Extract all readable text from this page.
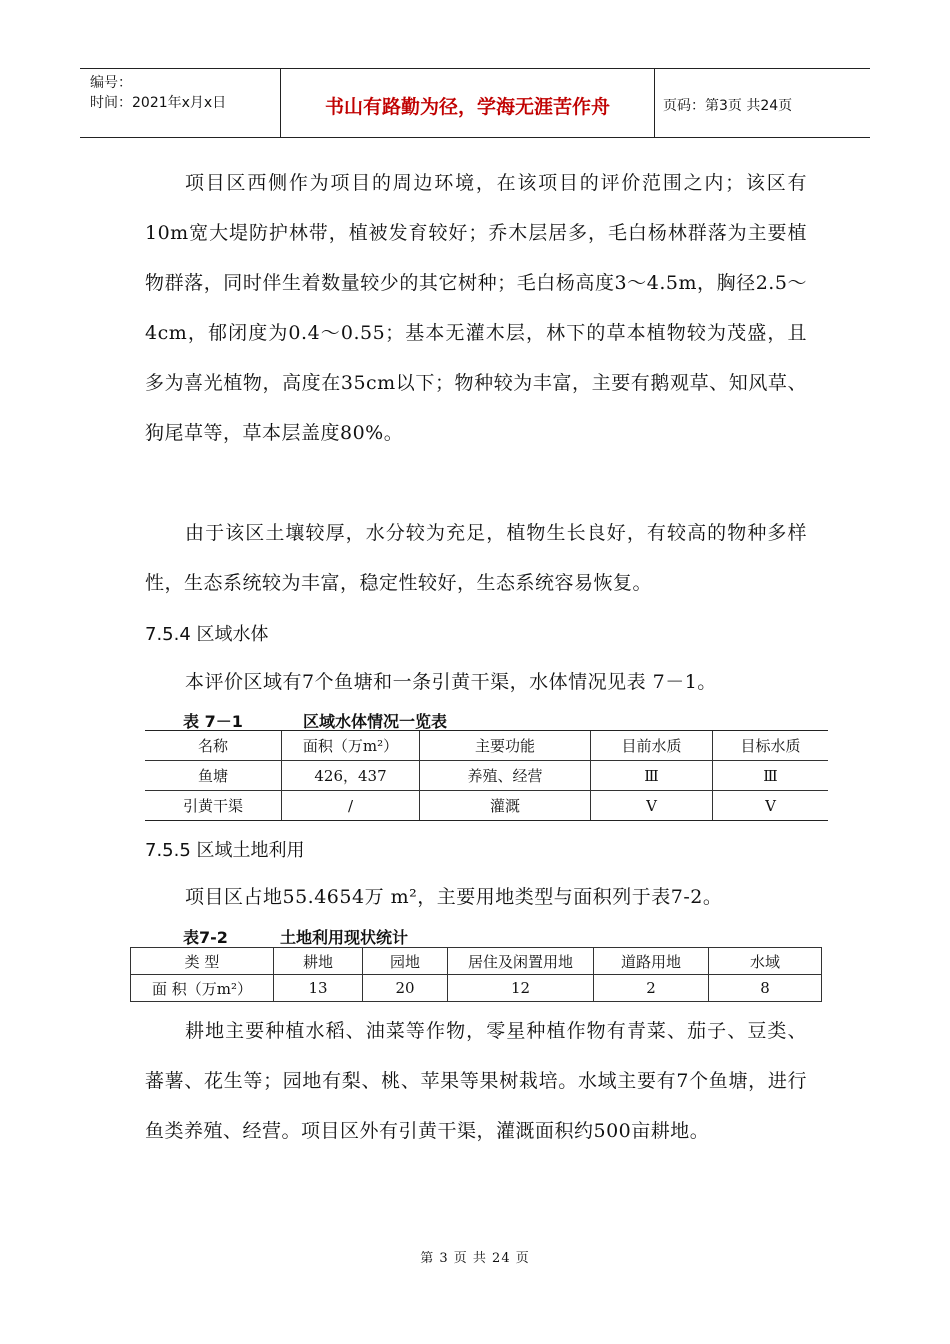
编号：
时间：2021年x月x日	书山有路勤为径，学海无涯苦作舟	页码：第3页 共24页

项目区西侧作为项目的周边环境，在该项目的评价范围之内；该区有10m宽大堤防护林带，植被发育较好；乔木层居多，毛白杨林群落为主要植物群落，同时伴生着数量较少的其它树种；毛白杨高度3～4.5m，胸径2.5～4cm，郁闭度为0.4～0.55；基本无灌木层，林下的草本植物较为茂盛，且多为喜光植物，高度在35cm以下；物种较为丰富，主要有鹅观草、知风草、狗尾草等，草本层盖度80%。

由于该区土壤较厚，水分较为充足，植物生长良好，有较高的物种多样性，生态系统较为丰富，稳定性较好，生态系统容易恢复。

7.5.4 区域水体

本评价区域有7个鱼塘和一条引黄干渠，水体情况见表 7－1。

表 7－1	区域水体情况一览表
名称	面积（万m²）	主要功能	目前水质	目标水质
鱼塘	426，437	养殖、经营	Ⅲ	Ⅲ
引黄干渠	/	灌溉	V	V
7.5.5 区域土地利用

项目区占地55.4654万 m²，主要用地类型与面积列于表7-2。

表7-2	土地利用现状统计
类 型	耕地	园地	居住及闲置用地	道路用地	水域
面 积（万m²）	13	20	12	2	8

耕地主要种植水稻、油菜等作物，零星种植作物有青菜、茄子、豆类、蕃薯、花生等；园地有梨、桃、苹果等果树栽培。水域主要有7个鱼塘，进行鱼类养殖、经营。项目区外有引黄干渠，灌溉面积约500亩耕地。

第 3 页 共 24 页
